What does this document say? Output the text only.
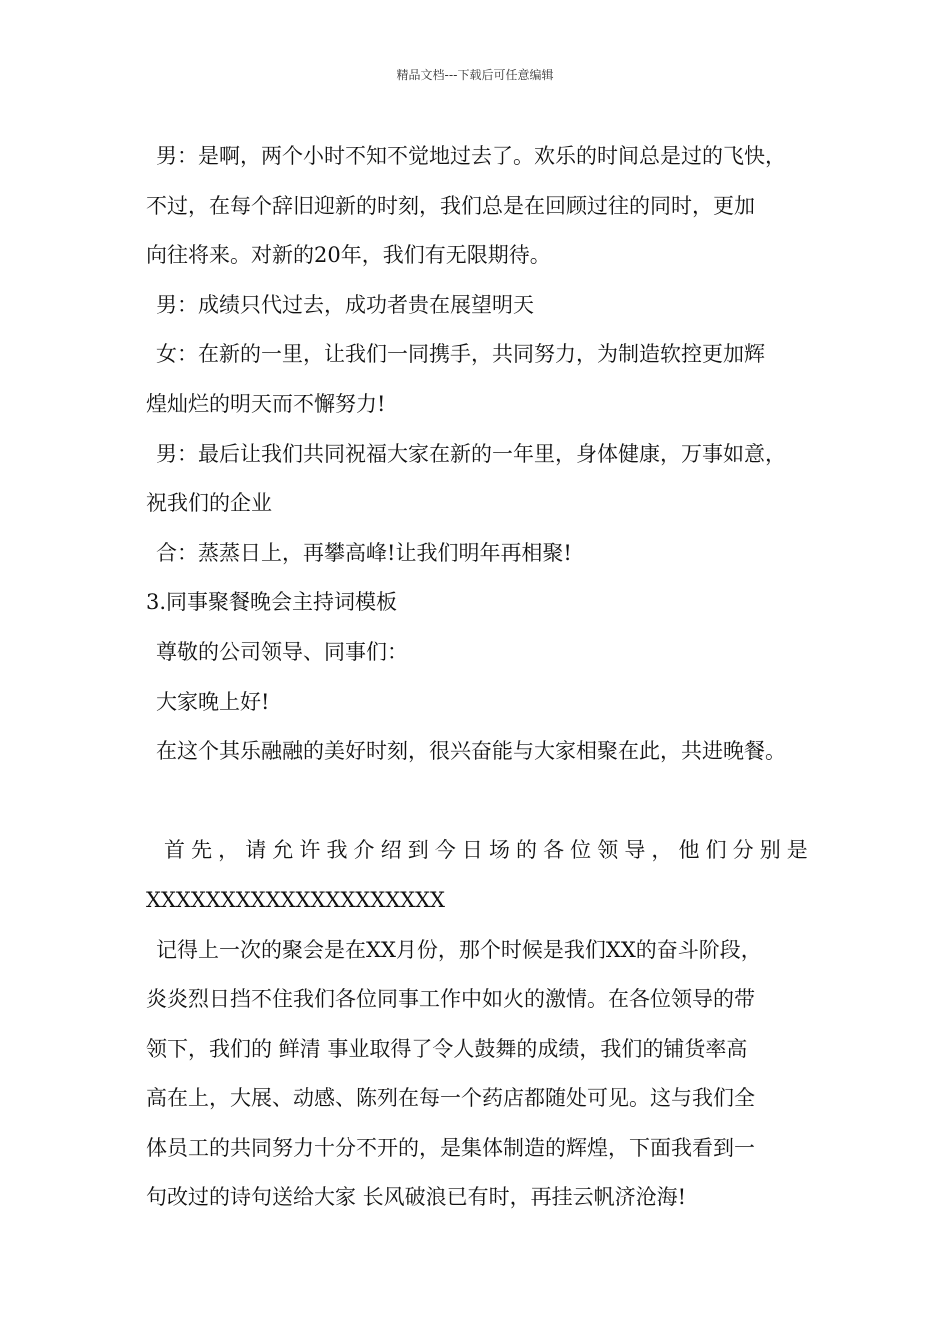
精品文档---下载后可任意编辑
男：是啊，两个小时不知不觉地过去了。欢乐的时间总是过的飞快，
不过，在每个辞旧迎新的时刻，我们总是在回顾过往的同时，更加
向往将来。对新的20年，我们有无限期待。
男：成绩只代过去，成功者贵在展望明天
女：在新的一里，让我们一同携手，共同努力，为制造软控更加辉
煌灿烂的明天而不懈努力!
男：最后让我们共同祝福大家在新的一年里，身体健康，万事如意，
祝我们的企业
合：蒸蒸日上，再攀高峰!让我们明年再相聚!
3.同事聚餐晚会主持词模板
尊敬的公司领导、同事们：
大家晚上好!
在这个其乐融融的美好时刻，很兴奋能与大家相聚在此，共进晚餐。
首 先 ， 请 允 许 我 介 绍 到 今 日 场 的 各 位 领 导 ， 他 们 分 别 是
XXXXXXXXXXXXXXXXXXXX
记得上一次的聚会是在XX月份，那个时候是我们XX的奋斗阶段，
炎炎烈日挡不住我们各位同事工作中如火的激情。在各位领导的带
领下，我们的 鲜清 事业取得了令人鼓舞的成绩，我们的铺货率高
高在上，大展、动感、陈列在每一个药店都随处可见。这与我们全
体员工的共同努力十分不开的，是集体制造的辉煌，下面我看到一
句改过的诗句送给大家 长风破浪已有时，再挂云帆济沧海!
